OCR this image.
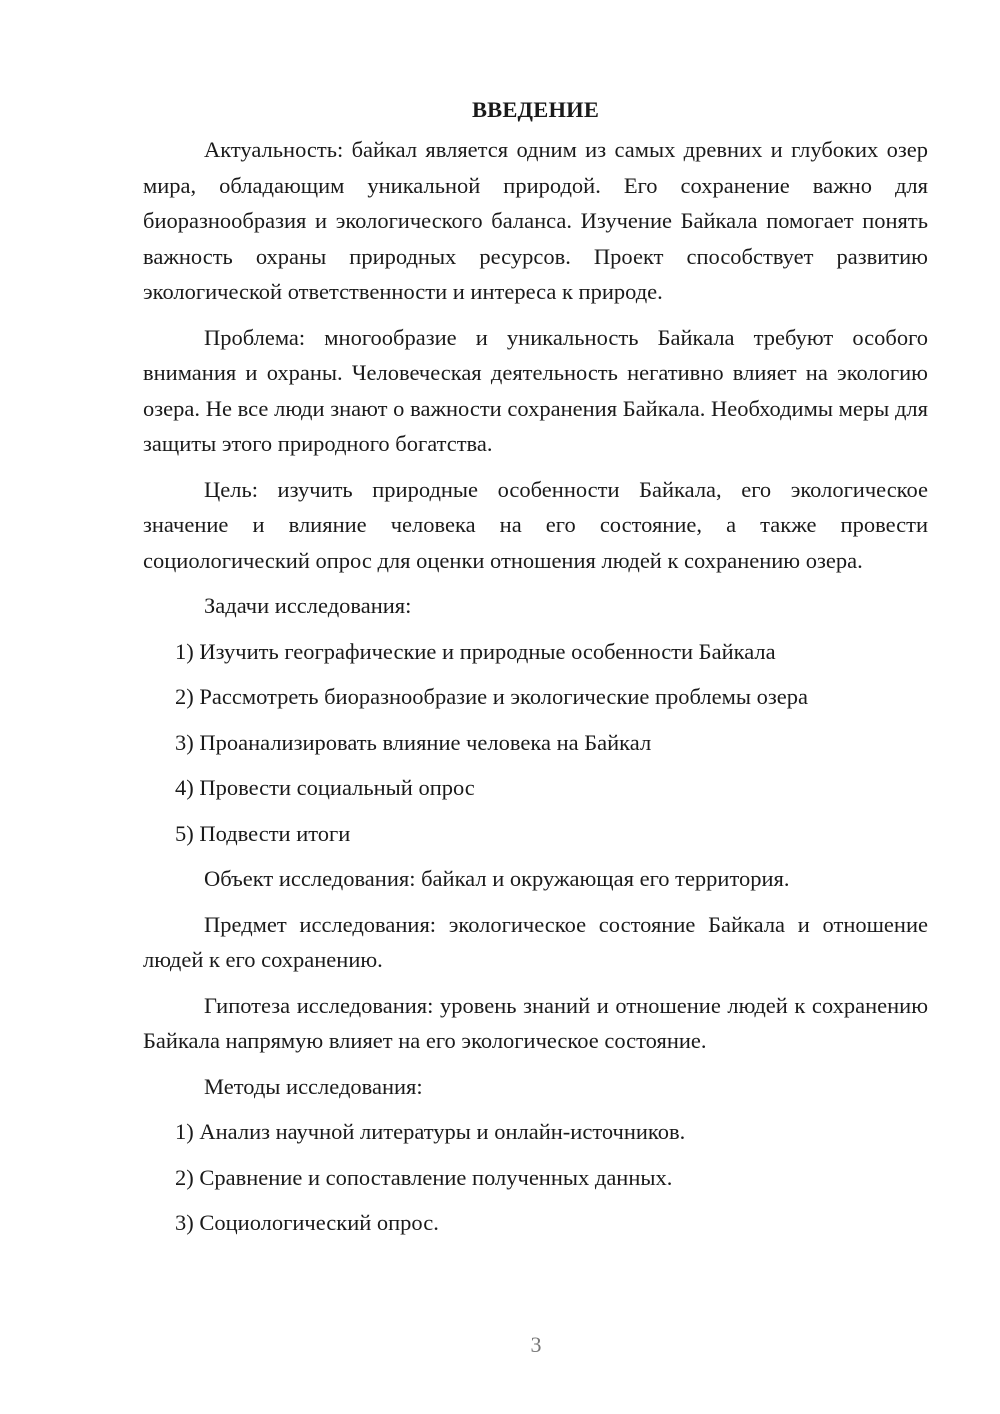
ВВЕДЕНИЕ

Актуальность: байкал является одним из самых древних и глубоких озер мира, обладающим уникальной природой. Его сохранение важно для биоразнообразия и экологического баланса. Изучение Байкала помогает понять важность охраны природных ресурсов. Проект способствует развитию экологической ответственности и интереса к природе.

Проблема: многообразие и уникальность Байкала требуют особого внимания и охраны. Человеческая деятельность негативно влияет на экологию озера. Не все люди знают о важности сохранения Байкала. Необходимы меры для защиты этого природного богатства.

Цель: изучить природные особенности Байкала, его экологическое значение и влияние человека на его состояние, а также провести социологический опрос для оценки отношения людей к сохранению озера.

Задачи исследования:

1) Изучить географические и природные особенности Байкала
2) Рассмотреть биоразнообразие и экологические проблемы озера
3) Проанализировать влияние человека на Байкал
4) Провести социальный опрос
5) Подвести итоги

Объект исследования: байкал и окружающая его территория.

Предмет исследования: экологическое состояние Байкала и отношение людей к его сохранению.

Гипотеза исследования: уровень знаний и отношение людей к сохранению Байкала напрямую влияет на его экологическое состояние.

Методы исследования:

1) Анализ научной литературы и онлайн-источников.
2) Сравнение и сопоставление полученных данных.
3) Социологический опрос.
3
